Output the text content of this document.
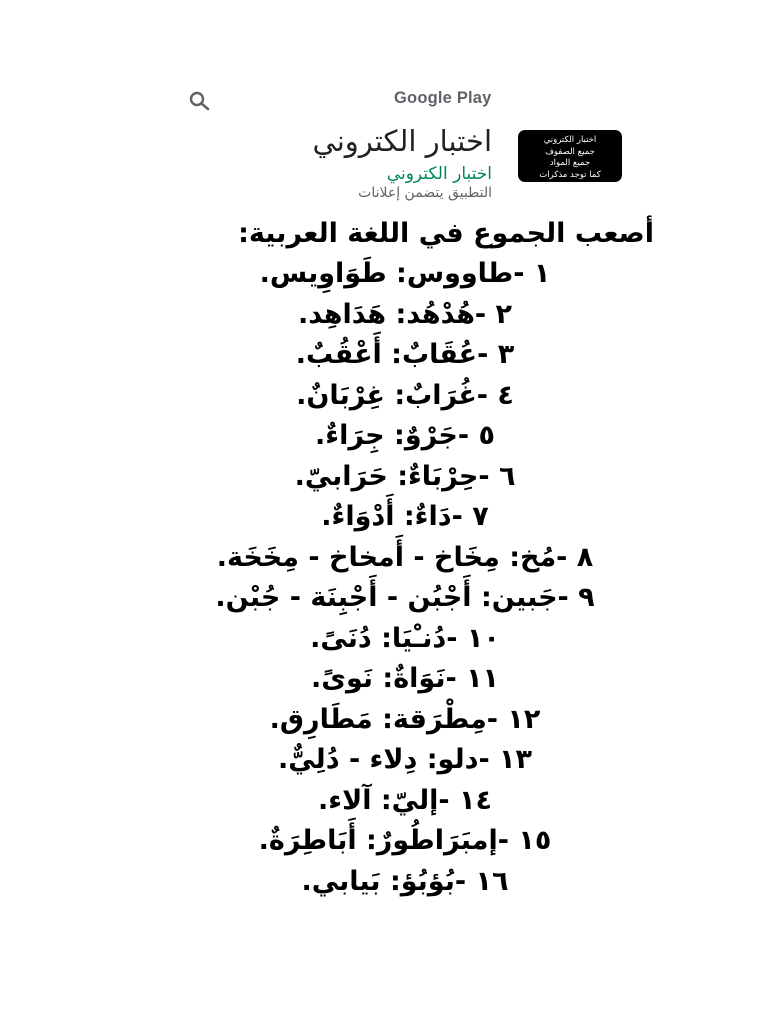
Google Play
اختبار الكتروني
اختبار الكتروني
التطبيق يتضمن إعلانات
اختبار الكتروني
جميع الصفوف
جميع المواد
كما توجد مذكرات
أصعب الجموع في اللغة العربية:
١ -طاووس: طَوَاوِيس.
٢ -هُدْهُد: هَدَاهِد.
٣ -عُقَابٌ: أَعْقُبٌ.
٤ -غُرَابٌ: غِرْبَانٌ.
٥ -جَرْوٌ: جِرَاءٌ.
٦ -حِرْبَاءٌ: حَرَابيّ.
٧ -دَاءٌ: أَدْوَاءٌ.
٨ -مُخ: مِخَاخ - أَمخاخ - مِخَخَة.
٩ -جَبين: أَجْبُن - أَجْبِنَة - جُبْن.
١٠ -دُنـْيَا: دُنَىً.
١١ -نَوَاةٌ: نَوىً.
١٢ -مِطْرَقة: مَطَارِق.
١٣ -دلو: دِلاء - دُلِيٌّ.
١٤ -إليّ: آلاء.
١٥ -إمبَرَاطُورٌ: أَبَاطِرَةٌ.
١٦ -بُؤبُؤ: بَيابي.
